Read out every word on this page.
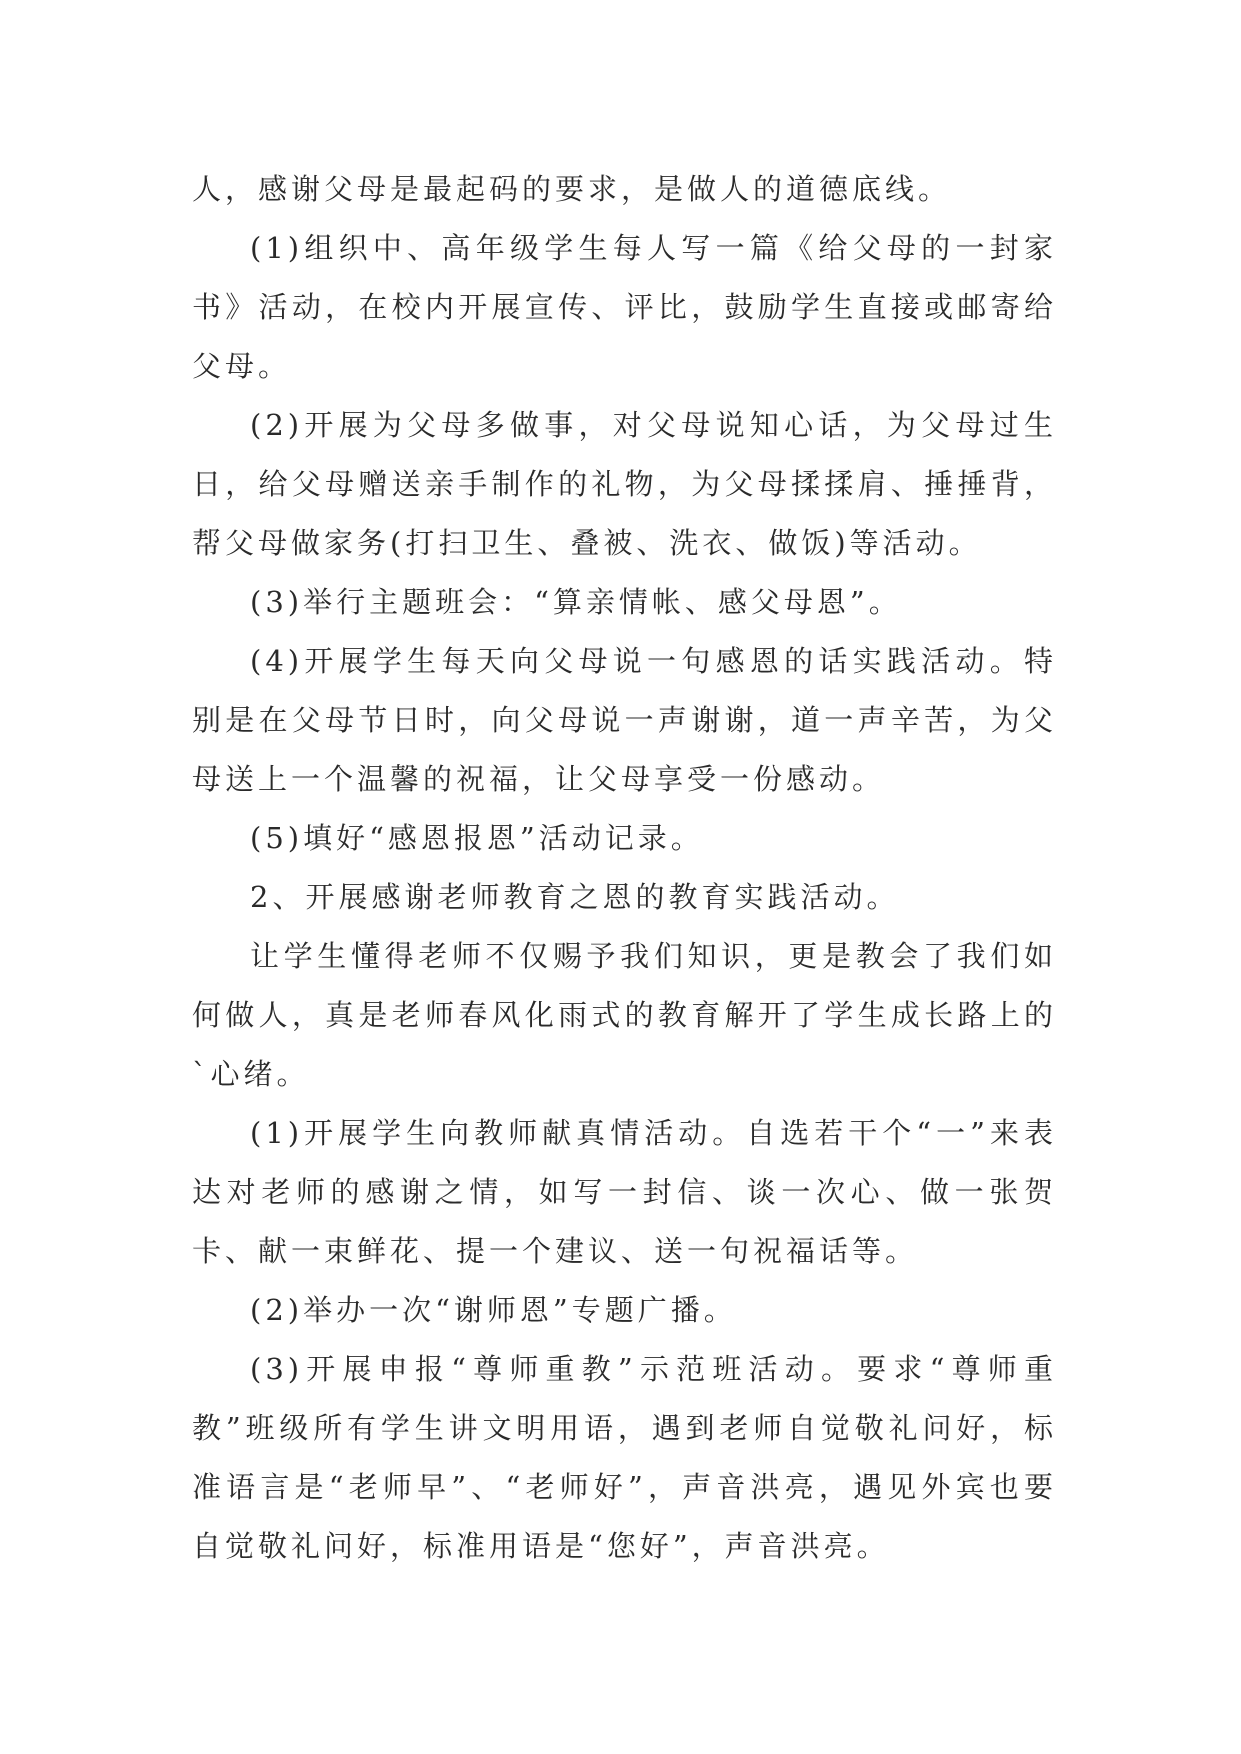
人，感谢父母是最起码的要求，是做人的道德底线。

(1)组织中、高年级学生每人写一篇《给父母的一封家书》活动，在校内开展宣传、评比，鼓励学生直接或邮寄给父母。

(2)开展为父母多做事，对父母说知心话，为父母过生日，给父母赠送亲手制作的礼物，为父母揉揉肩、捶捶背，帮父母做家务(打扫卫生、叠被、洗衣、做饭)等活动。

(3)举行主题班会：“算亲情帐、感父母恩”。

(4)开展学生每天向父母说一句感恩的话实践活动。特别是在父母节日时，向父母说一声谢谢，道一声辛苦，为父母送上一个温馨的祝福，让父母享受一份感动。

(5)填好“感恩报恩”活动记录。

2、开展感谢老师教育之恩的教育实践活动。

让学生懂得老师不仅赐予我们知识，更是教会了我们如何做人，真是老师春风化雨式的教育解开了学生成长路上的`心绪。

(1)开展学生向教师献真情活动。自选若干个“一”来表达对老师的感谢之情，如写一封信、谈一次心、做一张贺卡、献一束鲜花、提一个建议、送一句祝福话等。

(2)举办一次“谢师恩”专题广播。

(3)开展申报“尊师重教”示范班活动。要求“尊师重教”班级所有学生讲文明用语，遇到老师自觉敬礼问好，标准语言是“老师早”、“老师好”，声音洪亮，遇见外宾也要自觉敬礼问好，标准用语是“您好”，声音洪亮。
